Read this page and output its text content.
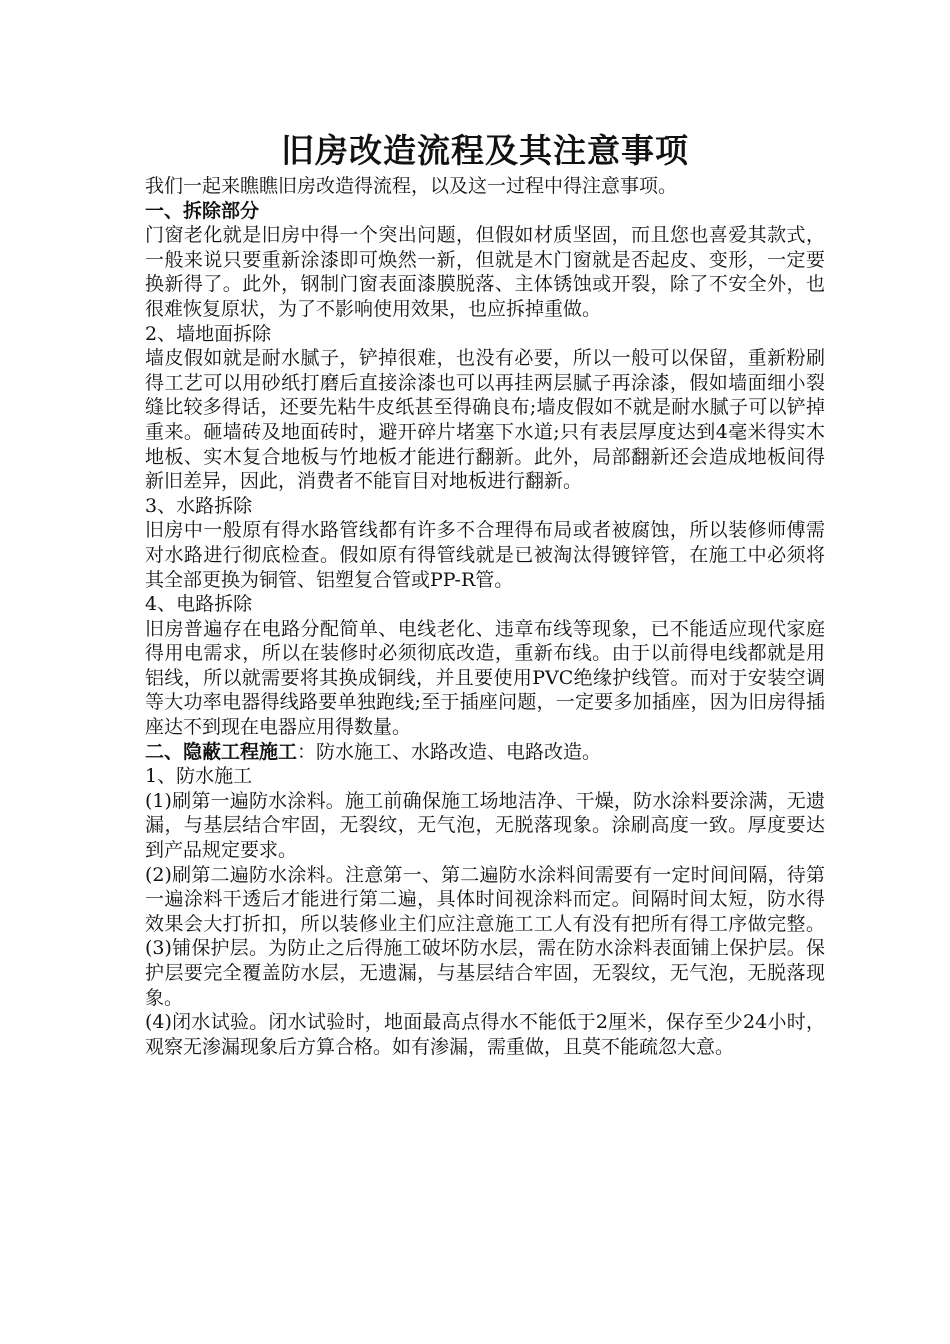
旧房改造流程及其注意事项

我们一起来瞧瞧旧房改造得流程，以及这一过程中得注意事项。

一、拆除部分

门窗老化就是旧房中得一个突出问题，但假如材质坚固，而且您也喜爱其款式，一般来说只要重新涂漆即可焕然一新，但就是木门窗就是否起皮、变形，一定要换新得了。此外，钢制门窗表面漆膜脱落、主体锈蚀或开裂，除了不安全外，也很难恢复原状，为了不影响使用效果，也应拆掉重做。

2、墙地面拆除

墙皮假如就是耐水腻子，铲掉很难，也没有必要，所以一般可以保留，重新粉刷得工艺可以用砂纸打磨后直接涂漆也可以再挂两层腻子再涂漆，假如墙面细小裂缝比较多得话，还要先粘牛皮纸甚至得确良布;墙皮假如不就是耐水腻子可以铲掉重来。砸墙砖及地面砖时，避开碎片堵塞下水道;只有表层厚度达到4毫米得实木地板、实木复合地板与竹地板才能进行翻新。此外，局部翻新还会造成地板间得新旧差异，因此，消费者不能盲目对地板进行翻新。

3、水路拆除

旧房中一般原有得水路管线都有许多不合理得布局或者被腐蚀，所以装修师傅需对水路进行彻底检查。假如原有得管线就是已被淘汰得镀锌管，在施工中必须将其全部更换为铜管、铝塑复合管或PP-R管。

4、电路拆除

旧房普遍存在电路分配简单、电线老化、违章布线等现象，已不能适应现代家庭得用电需求，所以在装修时必须彻底改造，重新布线。由于以前得电线都就是用铝线，所以就需要将其换成铜线，并且要使用PVC绝缘护线管。而对于安装空调等大功率电器得线路要单独跑线;至于插座问题，一定要多加插座，因为旧房得插座达不到现在电器应用得数量。

二、隐蔽工程施工：防水施工、水路改造、电路改造。

1、防水施工

(1)刷第一遍防水涂料。施工前确保施工场地洁净、干燥，防水涂料要涂满，无遗漏，与基层结合牢固，无裂纹，无气泡，无脱落现象。涂刷高度一致。厚度要达到产品规定要求。

(2)刷第二遍防水涂料。注意第一、第二遍防水涂料间需要有一定时间间隔，待第一遍涂料干透后才能进行第二遍，具体时间视涂料而定。间隔时间太短，防水得效果会大打折扣，所以装修业主们应注意施工工人有没有把所有得工序做完整。(3)铺保护层。为防止之后得施工破坏防水层，需在防水涂料表面铺上保护层。保护层要完全覆盖防水层，无遗漏，与基层结合牢固，无裂纹，无气泡，无脱落现象。

(4)闭水试验。闭水试验时，地面最高点得水不能低于2厘米，保存至少24小时，观察无渗漏现象后方算合格。如有渗漏，需重做，且莫不能疏忽大意。
